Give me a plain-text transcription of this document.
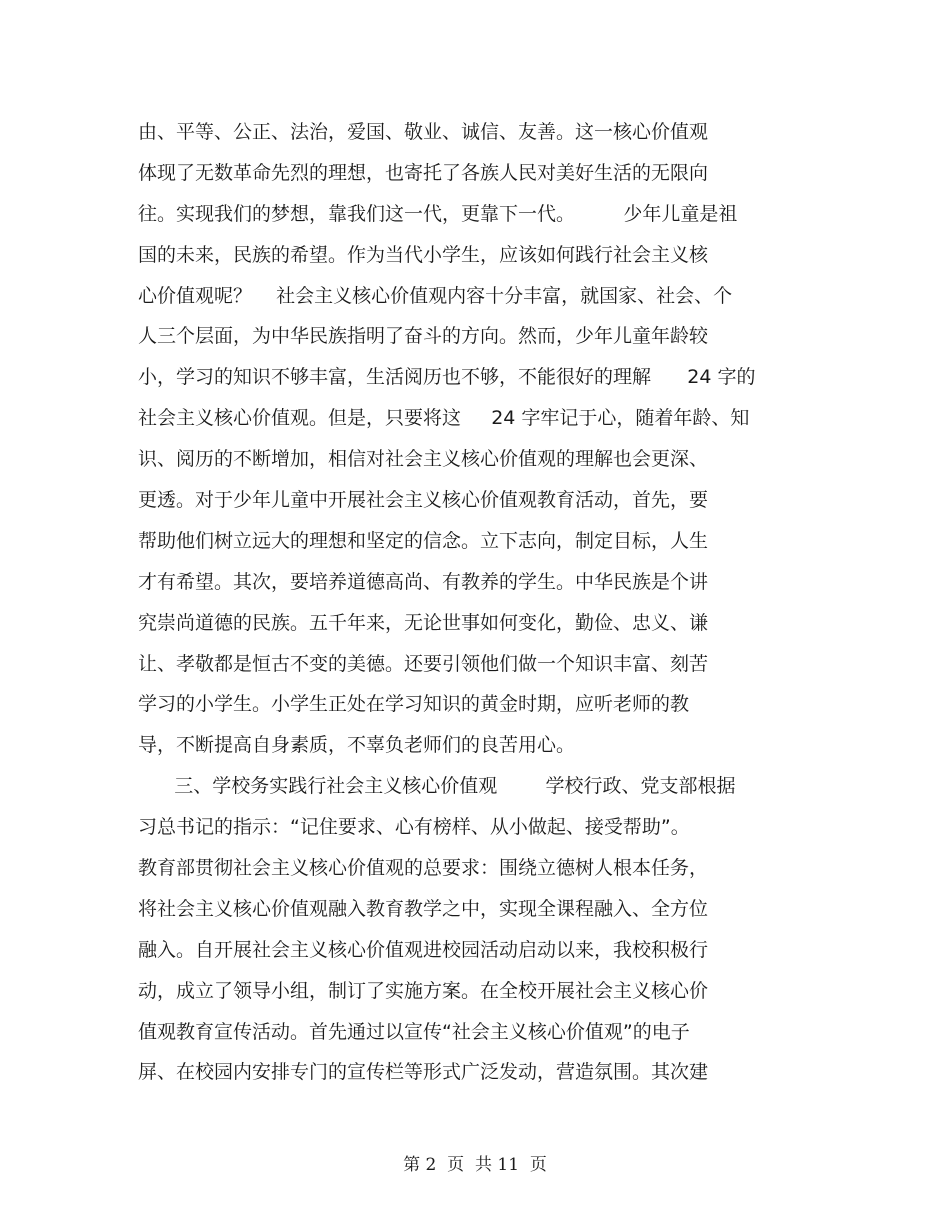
由、平等、公正、法治，爱国、敬业、诚信、友善。这一核心价值观
体现了无数革命先烈的理想，也寄托了各族人民对美好生活的无限向
往。实现我们的梦想，靠我们这一代，更靠下一代。        少年儿童是祖
国的未来，民族的希望。作为当代小学生，应该如何践行社会主义核
心价值观呢？    社会主义核心价值观内容十分丰富，就国家、社会、个
人三个层面，为中华民族指明了奋斗的方向。然而，少年儿童年龄较
小，学习的知识不够丰富，生活阅历也不够，不能很好的理解      24 字的
社会主义核心价值观。但是，只要将这     24 字牢记于心，随着年龄、知
识、阅历的不断增加，相信对社会主义核心价值观的理解也会更深、
更透。对于少年儿童中开展社会主义核心价值观教育活动，首先，要
帮助他们树立远大的理想和坚定的信念。立下志向，制定目标，人生
才有希望。其次，要培养道德高尚、有教养的学生。中华民族是个讲
究崇尚道德的民族。五千年来，无论世事如何变化，勤俭、忠义、谦
让、孝敬都是恒古不变的美德。还要引领他们做一个知识丰富、刻苦
学习的小学生。小学生正处在学习知识的黄金时期，应听老师的教
导，不断提高自身素质，不辜负老师们的良苦用心。
三、学校务实践行社会主义核心价值观        学校行政、党支部根据
习总书记的指示：“记住要求、心有榜样、从小做起、接受帮助”。
教育部贯彻社会主义核心价值观的总要求：围绕立德树人根本任务，
将社会主义核心价值观融入教育教学之中，实现全课程融入、全方位
融入。自开展社会主义核心价值观进校园活动启动以来，我校积极行
动，成立了领导小组，制订了实施方案。在全校开展社会主义核心价
值观教育宣传活动。首先通过以宣传“社会主义核心价值观”的电子
屏、在校园内安排专门的宣传栏等形式广泛发动，营造氛围。其次建
第 2  页  共 11  页
